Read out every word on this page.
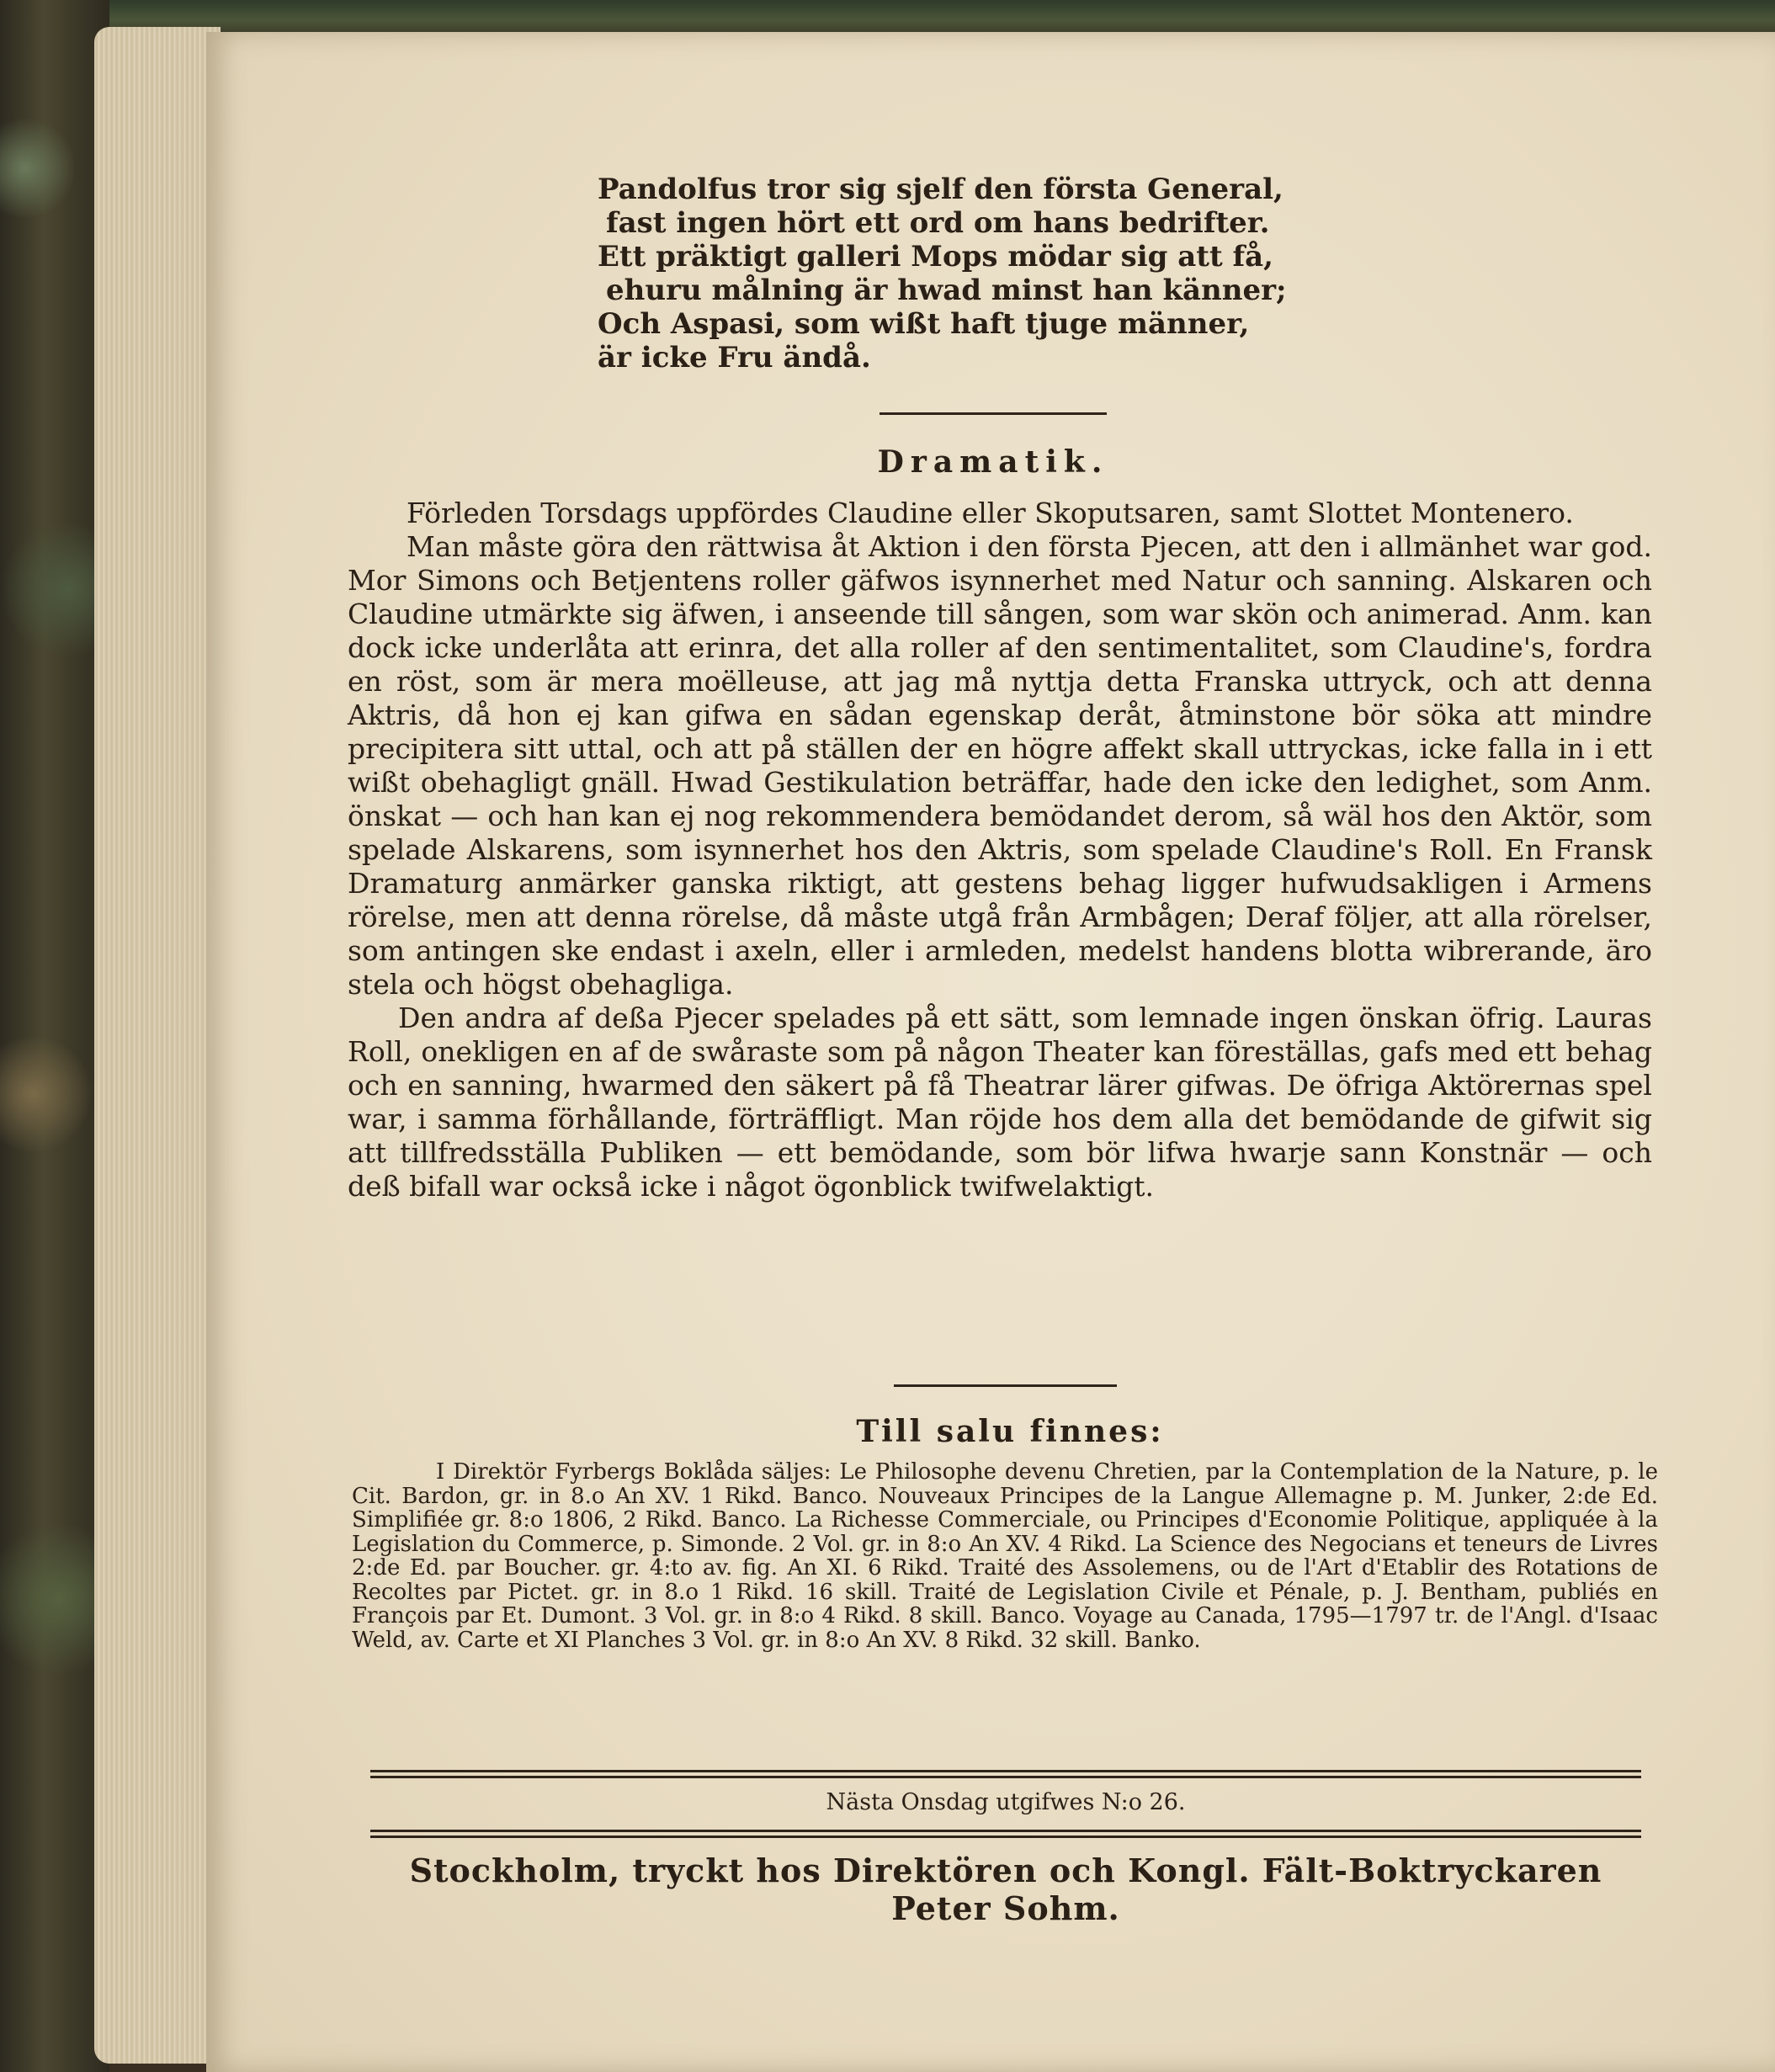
Pandolfus tror sig sjelf den första General,
fast ingen hört ett ord om hans bedrifter.
Ett präktigt galleri Mops mödar sig att få,
ehuru målning är hwad minst han känner;
Och Aspasi, som wißt haft tjuge männer,
är icke Fru ändå.
Dramatik.

Förleden Torsdags uppfördes Claudine eller Skoputsaren, samt Slottet Montenero.

Man måste göra den rättwisa åt Aktion i den första Pjecen, att den i allmänhet war god. Mor Simons och Betjentens roller gäfwos isynnerhet med Natur och sanning. Alskaren och Claudine utmärkte sig äfwen, i anseende till sången, som war skön och animerad. Anm. kan dock icke underlåta att erinra, det alla roller af den sentimentalitet, som Claudine's, fordra en röst, som är mera moëlleuse, att jag må nyttja detta Franska uttryck, och att denna Aktris, då hon ej kan gifwa en sådan egenskap deråt, åtminstone bör söka att mindre precipitera sitt uttal, och att på ställen der en högre affekt skall uttryckas, icke falla in i ett wißt obehagligt gnäll. Hwad Gestikulation beträffar, hade den icke den ledighet, som Anm. önskat — och han kan ej nog rekommendera bemödandet derom, så wäl hos den Aktör, som spelade Alskarens, som isynnerhet hos den Aktris, som spelade Claudine's Roll. En Fransk Dramaturg anmärker ganska riktigt, att gestens behag ligger hufwudsakligen i Armens rörelse, men att denna rörelse, då måste utgå från Armbågen; Deraf följer, att alla rörelser, som antingen ske endast i axeln, eller i armleden, medelst handens blotta wibrerande, äro stela och högst obehagliga.

Den andra af deßa Pjecer spelades på ett sätt, som lemnade ingen önskan öfrig. Lauras Roll, onekligen en af de swåraste som på någon Theater kan föreställas, gafs med ett behag och en sanning, hwarmed den säkert på få Theatrar lärer gifwas. De öfriga Aktörernas spel war, i samma förhållande, förträffligt. Man röjde hos dem alla det bemödande de gifwit sig att tillfredsställa Publiken — ett bemödande, som bör lifwa hwarje sann Konstnär — och deß bifall war också icke i något ögonblick twifwelaktigt.

Till salu finnes:

I Direktör Fyrbergs Boklåda säljes: Le Philosophe devenu Chretien, par la Contemplation de la Nature, p. le Cit. Bardon, gr. in 8.o An XV. 1 Rikd. Banco. Nouveaux Principes de la Langue Allemagne p. M. Junker, 2:de Ed. Simplifiée gr. 8:o 1806, 2 Rikd. Banco. La Richesse Commerciale, ou Principes d'Economie Politique, appliquée à la Legislation du Commerce, p. Simonde. 2 Vol. gr. in 8:o An XV. 4 Rikd. La Science des Negocians et teneurs de Livres 2:de Ed. par Boucher. gr. 4:to av. fig. An XI. 6 Rikd. Traité des Assolemens, ou de l'Art d'Etablir des Rotations de Recoltes par Pictet. gr. in 8.o 1 Rikd. 16 skill. Traité de Legislation Civile et Pénale, p. J. Bentham, publiés en François par Et. Dumont. 3 Vol. gr. in 8:o 4 Rikd. 8 skill. Banco. Voyage au Canada, 1795—1797 tr. de l'Angl. d'Isaac Weld, av. Carte et XI Planches 3 Vol. gr. in 8:o An XV. 8 Rikd. 32 skill. Banko.

Nästa Onsdag utgifwes N:o 26.
Stockholm, tryckt hos Direktören och Kongl. Fält-Boktryckaren Peter Sohm.
